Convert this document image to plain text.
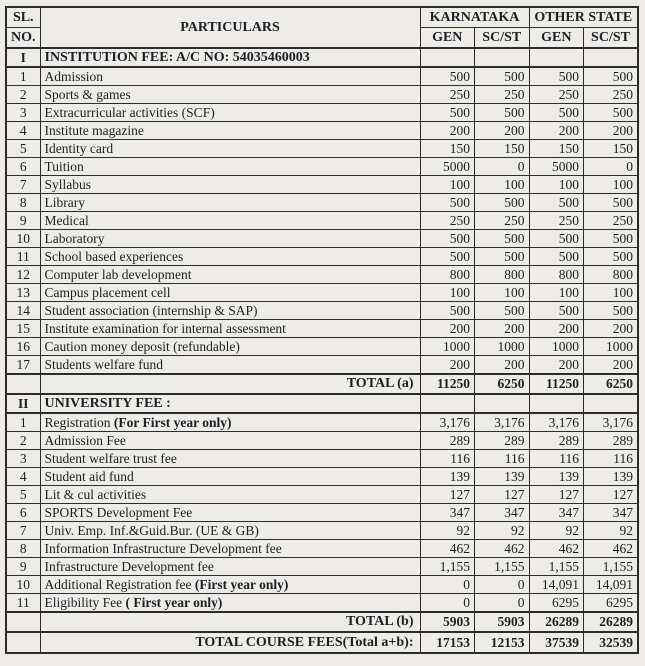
SL.	PARTICULARS	KARNATAKA		OTHER STATE	
NO.		GEN	SC/ST	GEN	SC/ST
I	INSTITUTION FEE: A/C NO: 54035460003				
1	Admission	500	500	500	500
2	Sports & games	250	250	250	250
3	Extracurricular activities (SCF)	500	500	500	500
4	Institute magazine	200	200	200	200
5	Identity card	150	150	150	150
6	Tuition	5000	0	5000	0
7	Syllabus	100	100	100	100
8	Library	500	500	500	500
9	Medical	250	250	250	250
10	Laboratory	500	500	500	500
11	School based experiences	500	500	500	500
12	Computer lab development	800	800	800	800
13	Campus placement cell	100	100	100	100
14	Student association (internship & SAP)	500	500	500	500
15	Institute examination for internal assessment	200	200	200	200
16	Caution money deposit (refundable)	1000	1000	1000	1000
17	Students welfare fund	200	200	200	200
	TOTAL (a)	11250	6250	11250	6250
II	UNIVERSITY FEE :				
1	Registration (For First year only)	3,176	3,176	3,176	3,176
2	Admission Fee	289	289	289	289
3	Student welfare trust fee	116	116	116	116
4	Student aid fund	139	139	139	139
5	Lit & cul activities	127	127	127	127
6	SPORTS Development Fee	347	347	347	347
7	Univ. Emp. Inf.&Guid.Bur. (UE & GB)	92	92	92	92
8	Information Infrastructure Development fee	462	462	462	462
9	Infrastructure Development fee	1,155	1,155	1,155	1,155
10	Additional Registration fee (First year only)	0	0	14,091	14,091
11	Eligibility Fee ( First year only)	0	0	6295	6295
	TOTAL (b)	5903	5903	26289	26289
	TOTAL COURSE FEES(Total a+b):	17153	12153	37539	32539
